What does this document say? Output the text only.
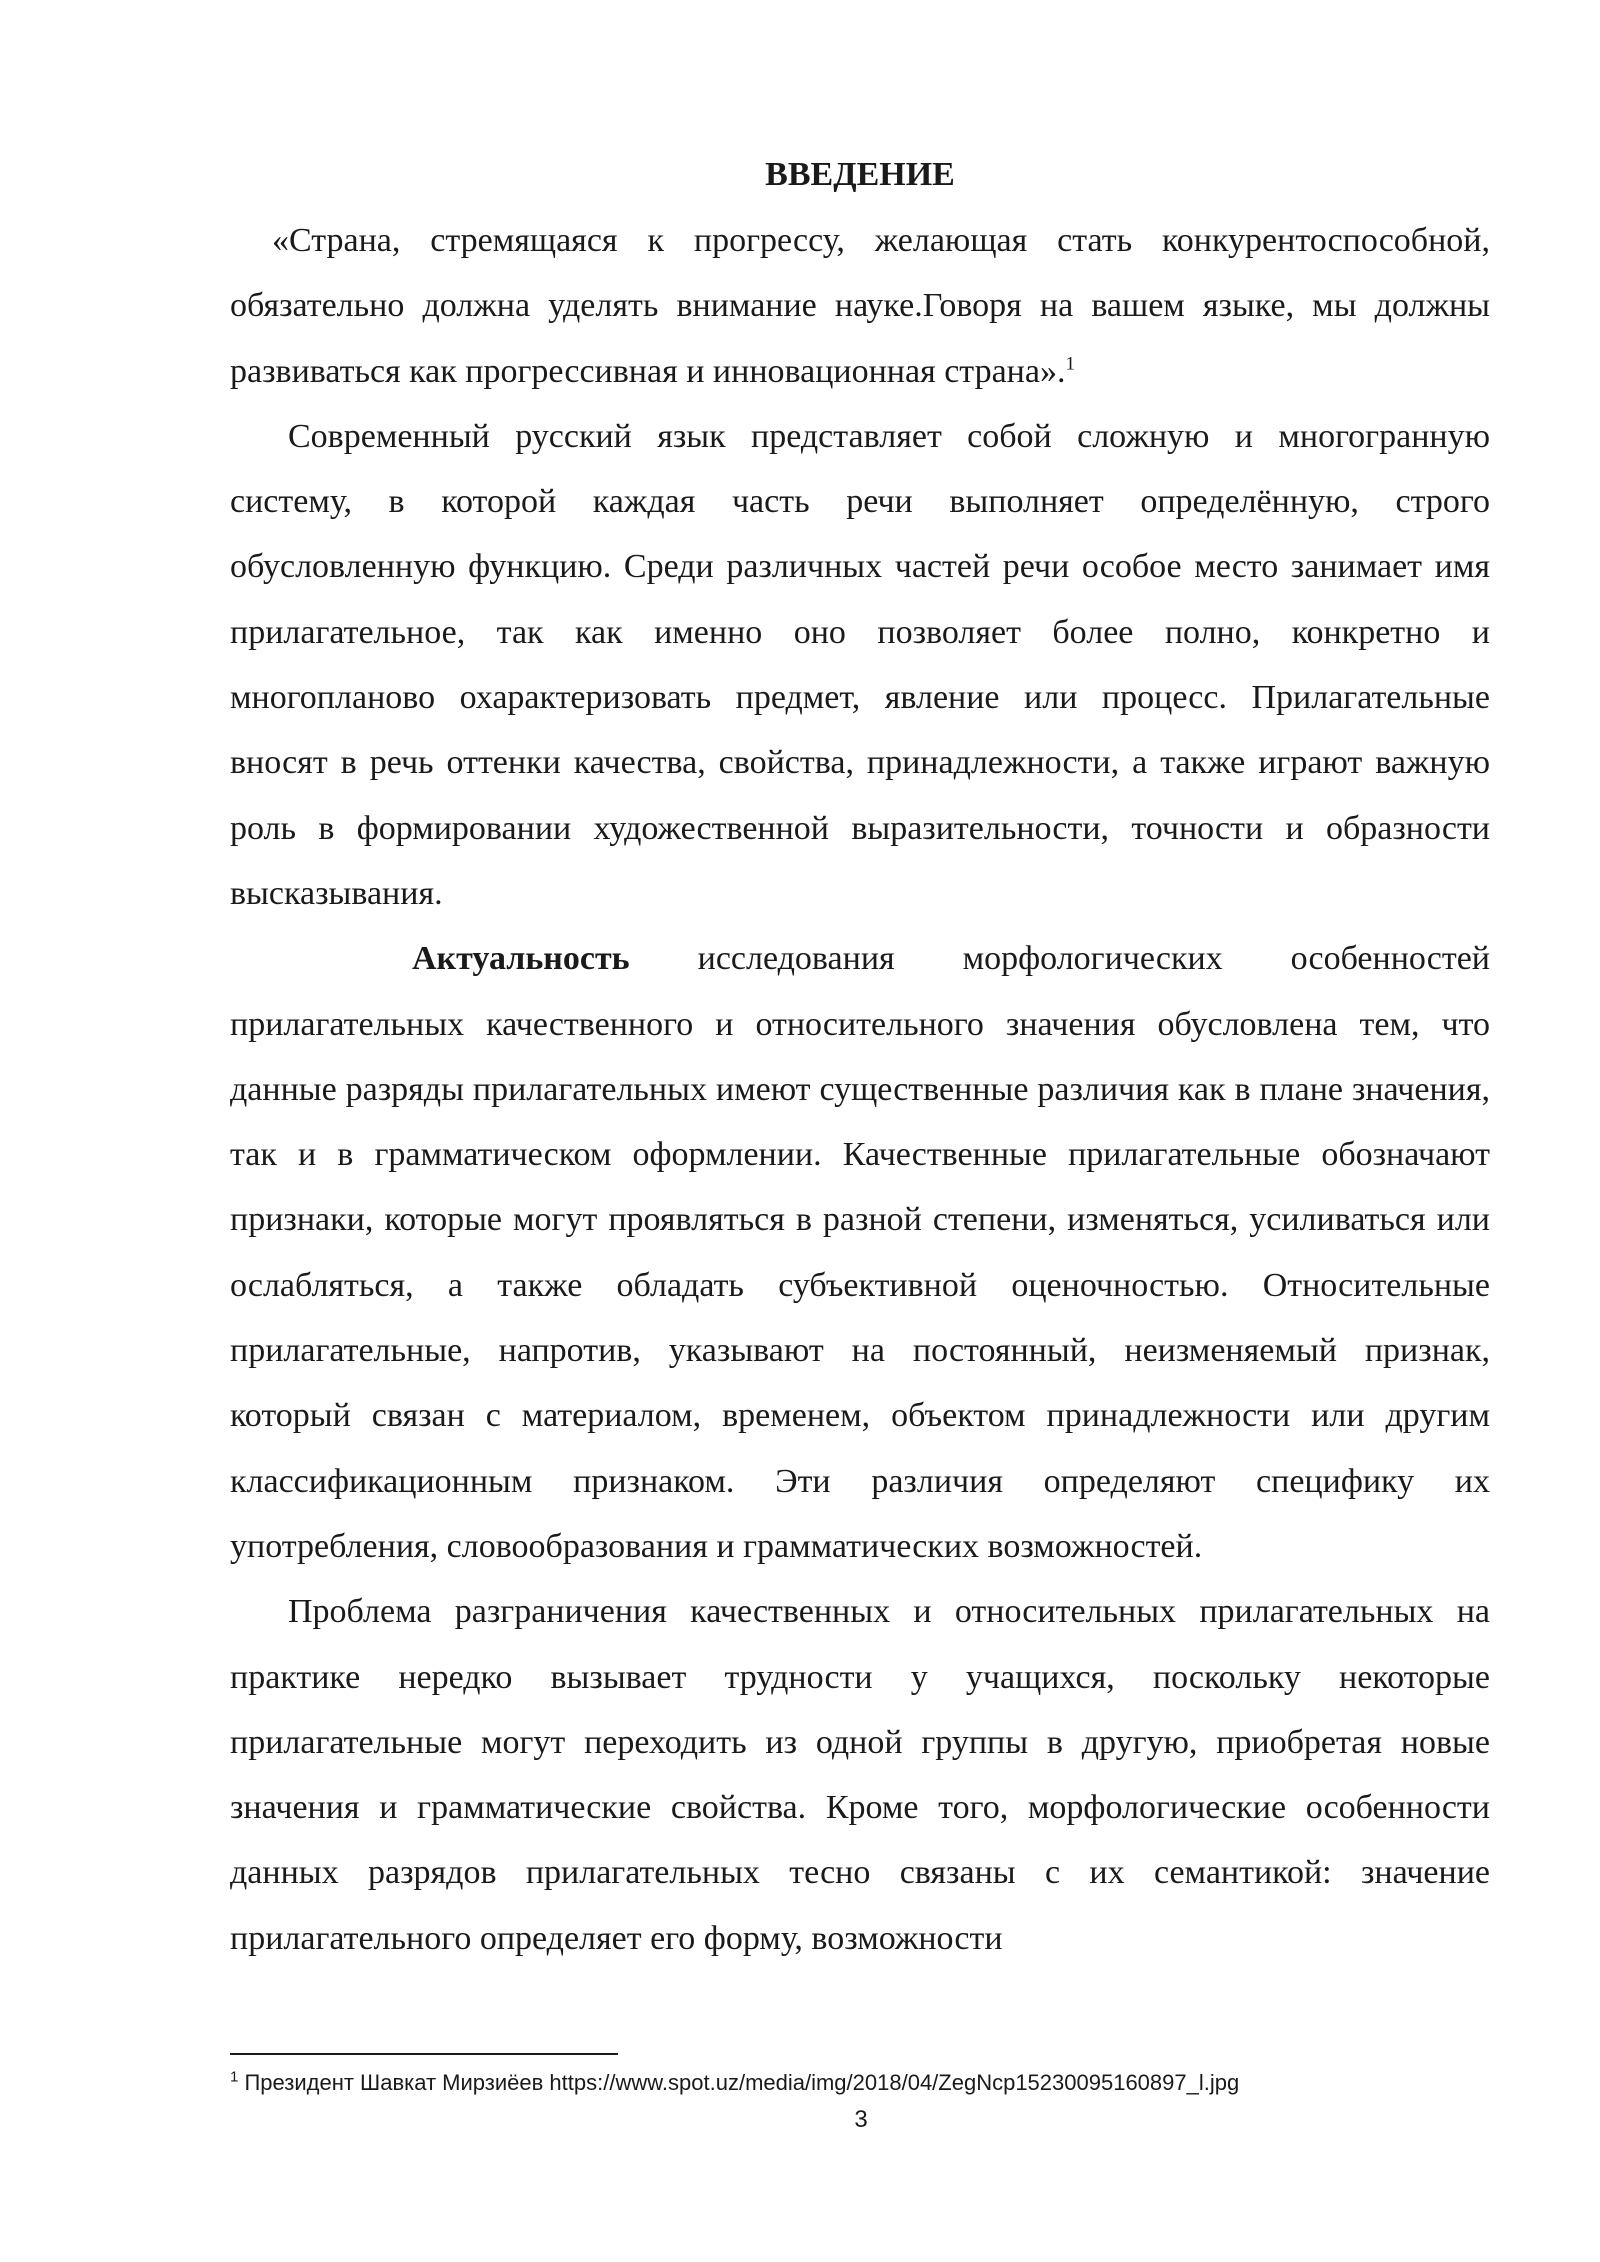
ВВЕДЕНИЕ

«Страна, стремящаяся к прогрессу, желающая стать конкурентоспособной, обязательно должна уделять внимание науке.Говоря на вашем языке, мы должны развиваться как прогрессивная и инновационная страна».$^1$

Современный русский язык представляет собой сложную и многогранную систему, в которой каждая часть речи выполняет определённую, строго обусловленную функцию. Среди различных частей речи особое место занимает имя прилагательное, так как именно оно позволяет более полно, конкретно и многопланово охарактеризовать предмет, явление или процесс. Прилагательные вносят в речь оттенки качества, свойства, принадлежности, а также играют важную роль в формировании художественной выразительности, точности и образности высказывания.

Актуальность исследования морфологических особенностей прилагательных качественного и относительного значения обусловлена тем, что данные разряды прилагательных имеют существенные различия как в плане значения, так и в грамматическом оформлении. Качественные прилагательные обозначают признаки, которые могут проявляться в разной степени, изменяться, усиливаться или ослабляться, а также обладать субъективной оценочностью. Относительные прилагательные, напротив, указывают на постоянный, неизменяемый признак, который связан с материалом, временем, объектом принадлежности или другим классификационным признаком. Эти различия определяют специфику их употребления, словообразования и грамматических возможностей.

Проблема разграничения качественных и относительных прилагательных на практике нередко вызывает трудности у учащихся, поскольку некоторые прилагательные могут переходить из одной группы в другую, приобретая новые значения и грамматические свойства. Кроме того, морфологические особенности данных разрядов прилагательных тесно связаны с их семантикой: значение прилагательного определяет его форму, возможности

$^1$ Президент Шавкат Мирзиёев https://www.spot.uz/media/img/2018/04/ZegNcp15230095160897_l.jpg
3
